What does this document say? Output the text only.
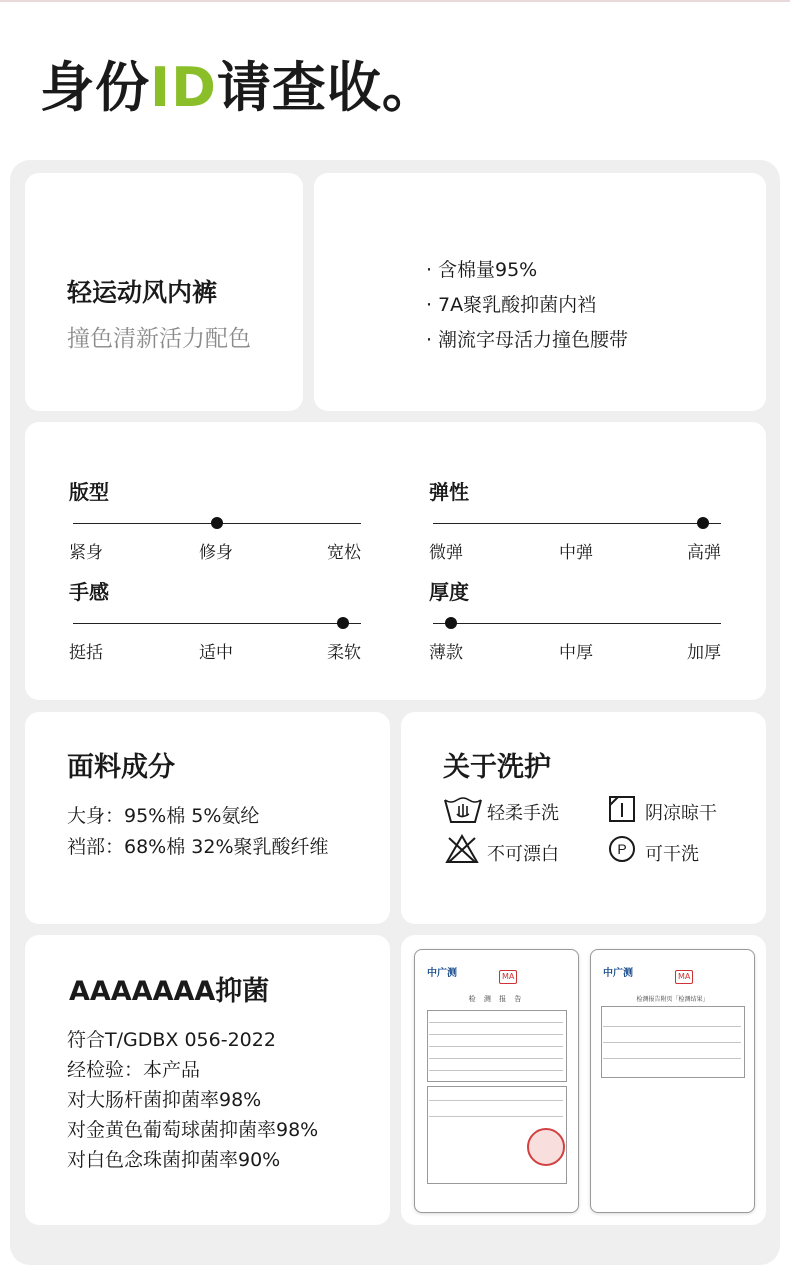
身份ID请查收。
轻运动风内裤
撞色清新活力配色
· 含棉量95%
· 7A聚乳酸抑菌内裆
· 潮流字母活力撞色腰带
版型
紧身	修身	宽松
弹性
微弹	中弹	高弹
手感
挺括	适中	柔软
厚度
薄款	中厚	加厚
面料成分
大身：95%棉 5%氨纶
裆部：68%棉 32%聚乳酸纤维
关于洗护
轻柔手洗	阴凉晾干
不可漂白	P 可干洗
AAAAAAA抑菌
符合T/GDBX 056-2022
经检验：本产品
对大肠杆菌抑菌率98%
对金黄色葡萄球菌抑菌率98%
对白色念珠菌抑菌率90%
中广测	MA
检 测 报 告
中广测	MA
检测报告附页「检测结果」
